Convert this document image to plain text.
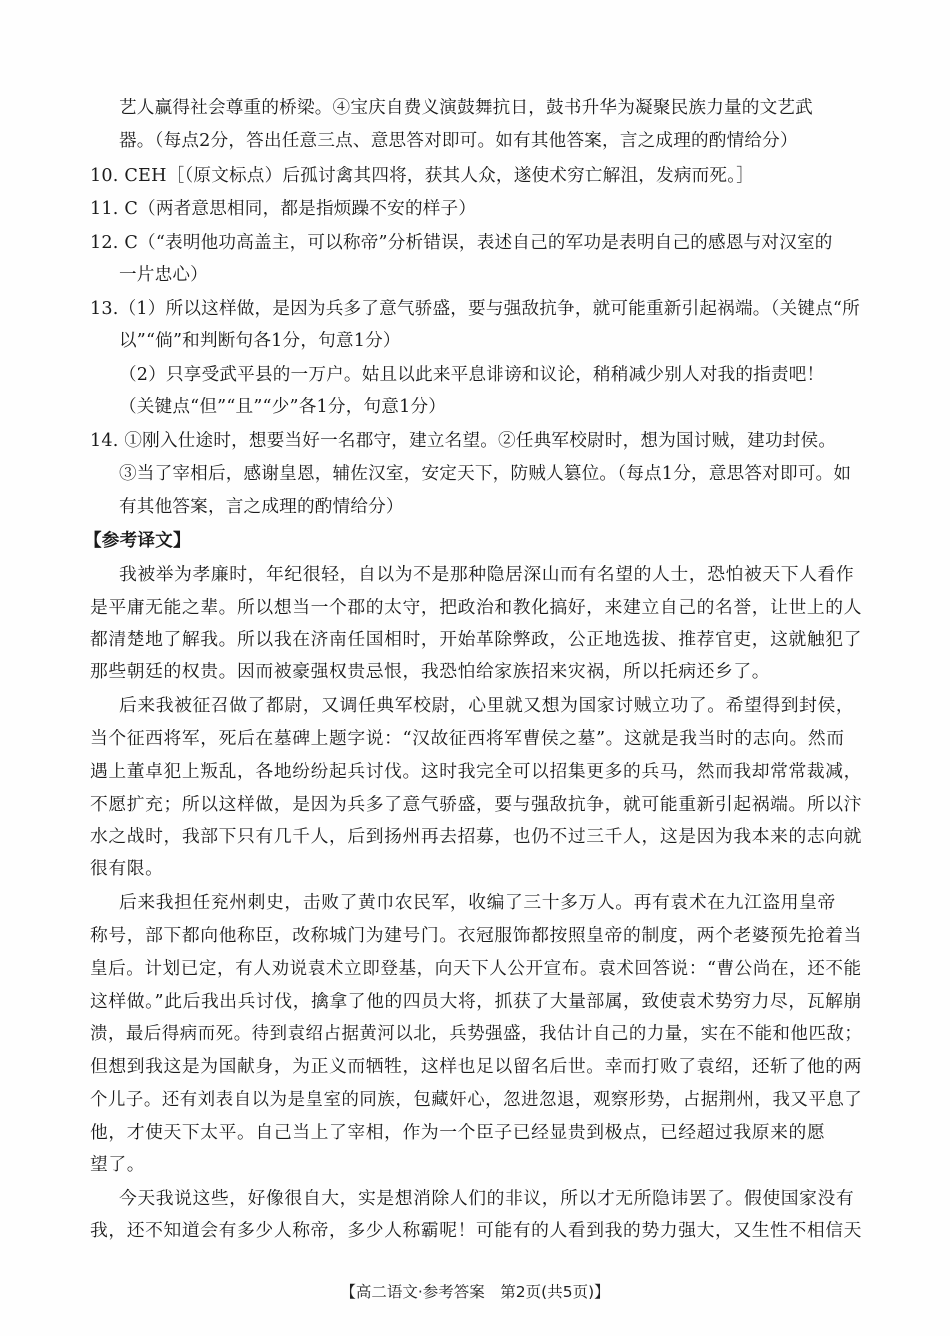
艺人赢得社会尊重的桥梁。④宝庆自费义演鼓舞抗日，鼓书升华为凝聚民族力量的文艺武
器。（每点2分，答出任意三点、意思答对即可。如有其他答案，言之成理的酌情给分）
10. CEH［（原文标点）后孤讨禽其四将，获其人众，遂使术穷亡解沮，发病而死。］
11. C（两者意思相同，都是指烦躁不安的样子）
12. C（“表明他功高盖主，可以称帝”分析错误，表述自己的军功是表明自己的感恩与对汉室的
一片忠心）
13.（1）所以这样做，是因为兵多了意气骄盛，要与强敌抗争，就可能重新引起祸端。（关键点“所
以”“倘”和判断句各1分，句意1分）
（2）只享受武平县的一万户。姑且以此来平息诽谤和议论，稍稍减少别人对我的指责吧！
（关键点“但”“且”“少”各1分，句意1分）
14. ①刚入仕途时，想要当好一名郡守，建立名望。②任典军校尉时，想为国讨贼，建功封侯。
③当了宰相后，感谢皇恩，辅佐汉室，安定天下，防贼人篡位。（每点1分，意思答对即可。如
有其他答案，言之成理的酌情给分）
【参考译文】
我被举为孝廉时，年纪很轻，自以为不是那种隐居深山而有名望的人士，恐怕被天下人看作
是平庸无能之辈。所以想当一个郡的太守，把政治和教化搞好，来建立自己的名誉，让世上的人
都清楚地了解我。所以我在济南任国相时，开始革除弊政，公正地选拔、推荐官吏，这就触犯了
那些朝廷的权贵。因而被豪强权贵忌恨，我恐怕给家族招来灾祸，所以托病还乡了。
后来我被征召做了都尉，又调任典军校尉，心里就又想为国家讨贼立功了。希望得到封侯，
当个征西将军，死后在墓碑上题字说：“汉故征西将军曹侯之墓”。这就是我当时的志向。然而
遇上董卓犯上叛乱，各地纷纷起兵讨伐。这时我完全可以招集更多的兵马，然而我却常常裁减，
不愿扩充；所以这样做，是因为兵多了意气骄盛，要与强敌抗争，就可能重新引起祸端。所以汴
水之战时，我部下只有几千人，后到扬州再去招募，也仍不过三千人，这是因为我本来的志向就
很有限。
后来我担任兖州刺史，击败了黄巾农民军，收编了三十多万人。再有袁术在九江盗用皇帝
称号，部下都向他称臣，改称城门为建号门。衣冠服饰都按照皇帝的制度，两个老婆预先抢着当
皇后。计划已定，有人劝说袁术立即登基，向天下人公开宣布。袁术回答说：“曹公尚在，还不能
这样做。”此后我出兵讨伐，擒拿了他的四员大将，抓获了大量部属，致使袁术势穷力尽，瓦解崩
溃，最后得病而死。待到袁绍占据黄河以北，兵势强盛，我估计自己的力量，实在不能和他匹敌；
但想到我这是为国献身，为正义而牺牲，这样也足以留名后世。幸而打败了袁绍，还斩了他的两
个儿子。还有刘表自以为是皇室的同族，包藏奸心，忽进忽退，观察形势，占据荆州，我又平息了
他，才使天下太平。自己当上了宰相，作为一个臣子已经显贵到极点，已经超过我原来的愿
望了。
今天我说这些，好像很自大，实是想消除人们的非议，所以才无所隐讳罢了。假使国家没有
我，还不知道会有多少人称帝，多少人称霸呢！可能有的人看到我的势力强大，又生性不相信天
【高二语文·参考答案　第2页(共5页)】
